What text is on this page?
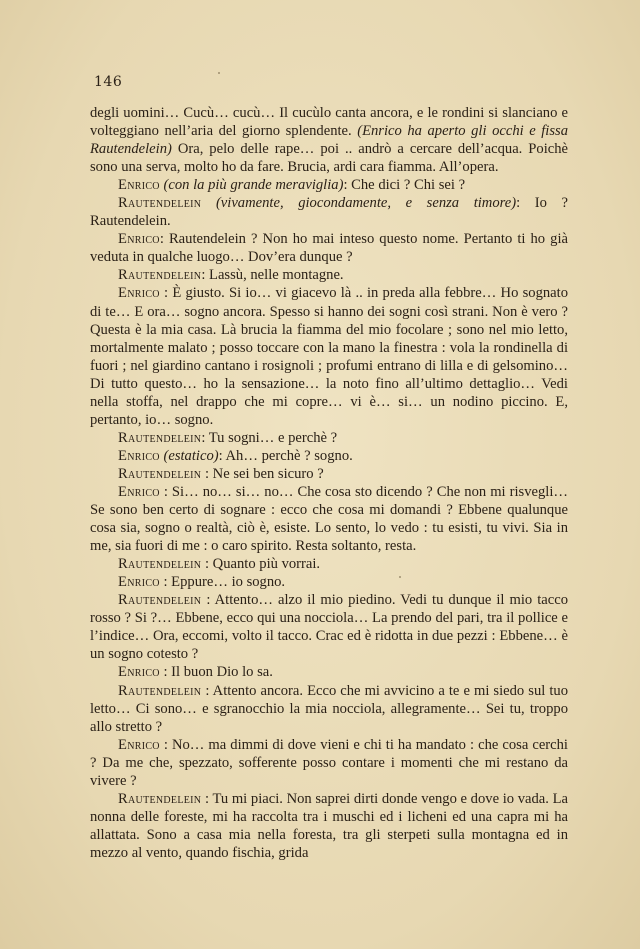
146

degli uomini… Cucù… cucù… Il cucùlo canta ancora, e le rondini si slanciano e volteggiano nell’aria del giorno splendente. (Enrico ha aperto gli occhi e fissa Rautendelein) Ora, pelo delle rape… poi .. andrò a cercare dell’acqua. Poichè sono una serva, molto ho da fare. Brucia, ardi cara fiamma. All’opera.

Enrico (con la più grande meraviglia): Che dici ? Chi sei ?

Rautendelein (vivamente, giocondamente, e senza timore): Io ? Rautendelein.

Enrico: Rautendelein ? Non ho mai inteso questo nome. Pertanto ti ho già veduta in qualche luogo… Dov’era dunque ?

Rautendelein: Lassù, nelle montagne.

Enrico : È giusto. Si io… vi giacevo là .. in preda alla febbre… Ho sognato di te… E ora… sogno ancora. Spesso si hanno dei sogni così strani. Non è vero ? Questa è la mia casa. Là brucia la fiamma del mio focolare ; sono nel mio letto, mortalmente malato ; posso toccare con la mano la finestra : vola la rondinella di fuori ; nel giardino cantano i rosignoli ; profumi entrano di lilla e di gelsomino… Di tutto questo… ho la sensazione… la noto fino all’ultimo dettaglio… Vedi nella stoffa, nel drappo che mi copre… vi è… si… un nodino piccino. E, pertanto, io… sogno.

Rautendelein: Tu sogni… e perchè ?

Enrico (estatico): Ah… perchè ? sogno.

Rautendelein : Ne sei ben sicuro ?

Enrico : Si… no… si… no… Che cosa sto dicendo ? Che non mi risvegli… Se sono ben certo di sognare : ecco che cosa mi domandi ? Ebbene qualunque cosa sia, sogno o realtà, ciò è, esiste. Lo sento, lo vedo : tu esisti, tu vivi. Sia in me, sia fuori di me : o caro spirito. Resta soltanto, resta.

Rautendelein : Quanto più vorrai.

Enrico : Eppure… io sogno.

Rautendelein : Attento… alzo il mio piedino. Vedi tu dunque il mio tacco rosso ? Si ?… Ebbene, ecco qui una nocciola… La prendo del pari, tra il pollice e l’indice… Ora, eccomi, volto il tacco. Crac ed è ridotta in due pezzi : Ebbene… è un sogno cotesto ?

Enrico : Il buon Dio lo sa.

Rautendelein : Attento ancora. Ecco che mi avvicino a te e mi siedo sul tuo letto… Ci sono… e sgranocchio la mia nocciola, allegramente… Sei tu, troppo allo stretto ?

Enrico : No… ma dimmi di dove vieni e chi ti ha mandato : che cosa cerchi ? Da me che, spezzato, sofferente posso contare i momenti che mi restano da vivere ?

Rautendelein : Tu mi piaci. Non saprei dirti donde vengo e dove io vada. La nonna delle foreste, mi ha raccolta tra i muschi ed i licheni ed una capra mi ha allattata. Sono a casa mia nella foresta, tra gli sterpeti sulla montagna ed in mezzo al vento, quando fischia, grida
